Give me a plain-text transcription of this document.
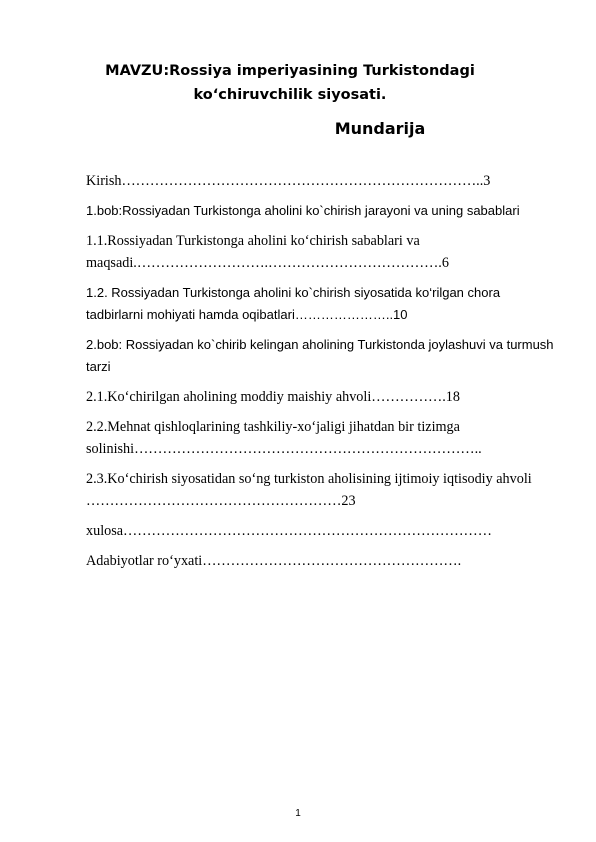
MAVZU:Rossiya imperiyasining Turkistondagi ko‘chiruvchilik siyosati.
Mundarija
Kirish…………………………………………………………………..3
1.bob:Rossiyadan Turkistonga aholini ko`chirish jarayoni va uning sabablari
1.1.Rossiyadan Turkistonga aholini ko‘chirish sabablari va maqsadi.……………………….……………………………….6
1.2. Rossiyadan Turkistonga aholini ko`chirish siyosatida ko‘rilgan chora tadbirlarni mohiyati hamda oqibatlari…………………..10
2.bob: Rossiyadan ko`chirib kelingan aholining Turkistonda joylashuvi va turmush tarzi
2.1.Ko‘chirilgan aholining moddiy maishiy ahvoli…………….18
2.2.Mehnat qishloqlarining tashkiliy-xo‘jaligi jihatdan bir tizimga solinishi………………………………………………………………..
2.3.Ko‘chirish siyosatidan so‘ng turkiston aholisining ijtimoiy iqtisodiy ahvoli ………………………………………………23
xulosa……………………………………………………………………
Adabiyotlar ro‘yxati……………………………………………….
1
